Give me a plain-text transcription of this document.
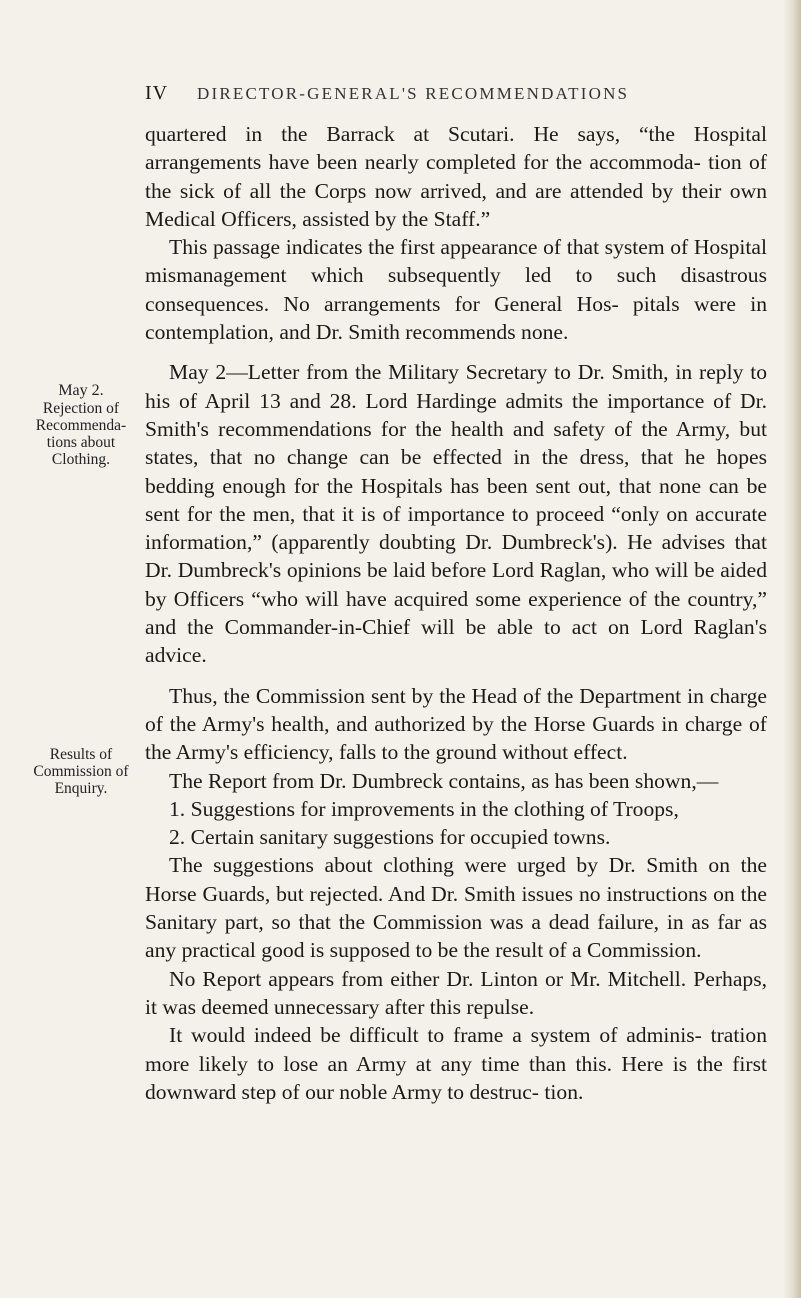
IV DIRECTOR-GENERAL'S RECOMMENDATIONS
May 2.
Rejection of Recommenda- tions about Clothing.
Results of Commission of Enquiry.

quartered in the Barrack at Scutari. He says, “the Hospital arrangements have been nearly completed for the accommoda- tion of the sick of all the Corps now arrived, and are attended by their own Medical Officers, assisted by the Staff.”

This passage indicates the first appearance of that system of Hospital mismanagement which subsequently led to such disastrous consequences. No arrangements for General Hos- pitals were in contemplation, and Dr. Smith recommends none.

May 2—Letter from the Military Secretary to Dr. Smith, in reply to his of April 13 and 28. Lord Hardinge admits the importance of Dr. Smith's recommendations for the health and safety of the Army, but states, that no change can be effected in the dress, that he hopes bedding enough for the Hospitals has been sent out, that none can be sent for the men, that it is of importance to proceed “only on accurate information,” (apparently doubting Dr. Dumbreck's). He advises that Dr. Dumbreck's opinions be laid before Lord Raglan, who will be aided by Officers “who will have acquired some experience of the country,” and the Commander-in-Chief will be able to act on Lord Raglan's advice.

Thus, the Commission sent by the Head of the Department in charge of the Army's health, and authorized by the Horse Guards in charge of the Army's efficiency, falls to the ground without effect.

The Report from Dr. Dumbreck contains, as has been shown,—

1. Suggestions for improvements in the clothing of Troops,

2. Certain sanitary suggestions for occupied towns.

The suggestions about clothing were urged by Dr. Smith on the Horse Guards, but rejected. And Dr. Smith issues no instructions on the Sanitary part, so that the Commission was a dead failure, in as far as any practical good is supposed to be the result of a Commission.

No Report appears from either Dr. Linton or Mr. Mitchell. Perhaps, it was deemed unnecessary after this repulse.

It would indeed be difficult to frame a system of adminis- tration more likely to lose an Army at any time than this. Here is the first downward step of our noble Army to destruc- tion.
